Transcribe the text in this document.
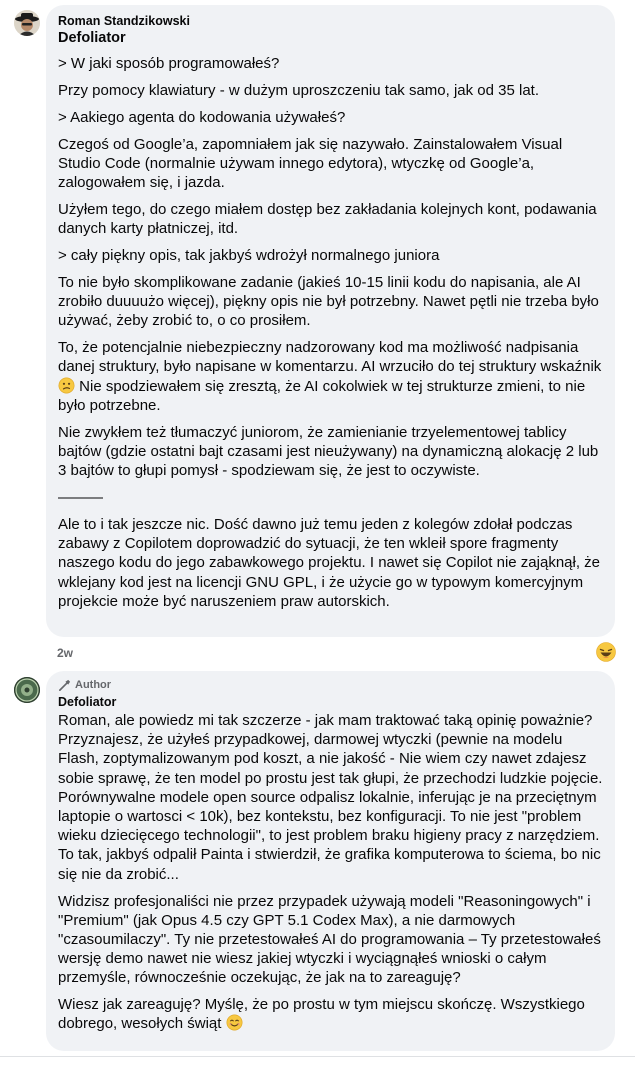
Roman Standzikowski

Defoliator

> W jaki sposób programowałeś?

Przy pomocy klawiatury - w dużym uproszczeniu tak samo, jak od 35 lat.

> Aakiego agenta do kodowania używałeś?

Czegoś od Google’a, zapomniałem jak się nazywało. Zainstalowałem Visual Studio Code (normalnie używam innego edytora), wtyczkę od Google’a, zalogowałem się, i jazda.

Użyłem tego, do czego miałem dostęp bez zakładania kolejnych kont, podawania danych karty płatniczej, itd.

> cały piękny opis, tak jakbyś wdrożył normalnego juniora

To nie było skomplikowane zadanie (jakieś 10-15 linii kodu do napisania, ale AI zrobiło duuuużo więcej), piękny opis nie był potrzebny. Nawet pętli nie trzeba było używać, żeby zrobić to, o co prosiłem.

To, że potencjalnie niebezpieczny nadzorowany kod ma możliwość nadpisania danej struktury, było napisane w komentarzu. AI wrzuciło do tej struktury wskaźnik  Nie spodziewałem się zresztą, że AI cokolwiek w tej strukturze zmieni, to nie było potrzebne.

Nie zwykłem też tłumaczyć juniorom, że zamienianie trzyelementowej tablicy bajtów (gdzie ostatni bajt czasami jest nieużywany) na dynamiczną alokację 2 lub 3 bajtów to głupi pomysł - spodziewam się, że jest to oczywiste.

———

Ale to i tak jeszcze nic. Dość dawno już temu jeden z kolegów zdołał podczas zabawy z Copilotem doprowadzić do sytuacji, że ten wkleił spore fragmenty naszego kodu do jego zabawkowego projektu. I nawet się Copilot nie zająknął, że wklejany kod jest na licencji GNU GPL, i że użycie go w typowym komercyjnym projekcie może być naruszeniem praw autorskich.

2w
Author

Defoliator

Roman, ale powiedz mi tak szczerze - jak mam traktować taką opinię poważnie? Przyznajesz, że użyłeś przypadkowej, darmowej wtyczki (pewnie na modelu Flash, zoptymalizowanym pod koszt, a nie jakość - Nie wiem czy nawet zdajesz sobie sprawę, że ten model po prostu jest tak głupi, że przechodzi ludzkie pojęcie. Porównywalne modele open source odpalisz lokalnie, inferując je na przeciętnym laptopie o wartosci < 10k), bez kontekstu, bez konfiguracji. To nie jest "problem wieku dziecięcego technologii", to jest problem braku higieny pracy z narzędziem. To tak, jakbyś odpalił Painta i stwierdził, że grafika komputerowa to ściema, bo nic się nie da zrobić...

Widzisz profesjonaliści nie przez przypadek używają modeli "Reasoningowych" i "Premium" (jak Opus 4.5 czy GPT 5.1 Codex Max), a nie darmowych "czasoumilaczy". Ty nie przetestowałeś AI do programowania – Ty przetestowałeś wersję demo nawet nie wiesz jakiej wtyczki i wyciągnąłeś wnioski o całym przemyśle, równocześnie oczekując, że jak na to zareaguję?

Wiesz jak zareaguję? Myślę, że po prostu w tym miejscu skończę. Wszystkiego dobrego, wesołych świąt
